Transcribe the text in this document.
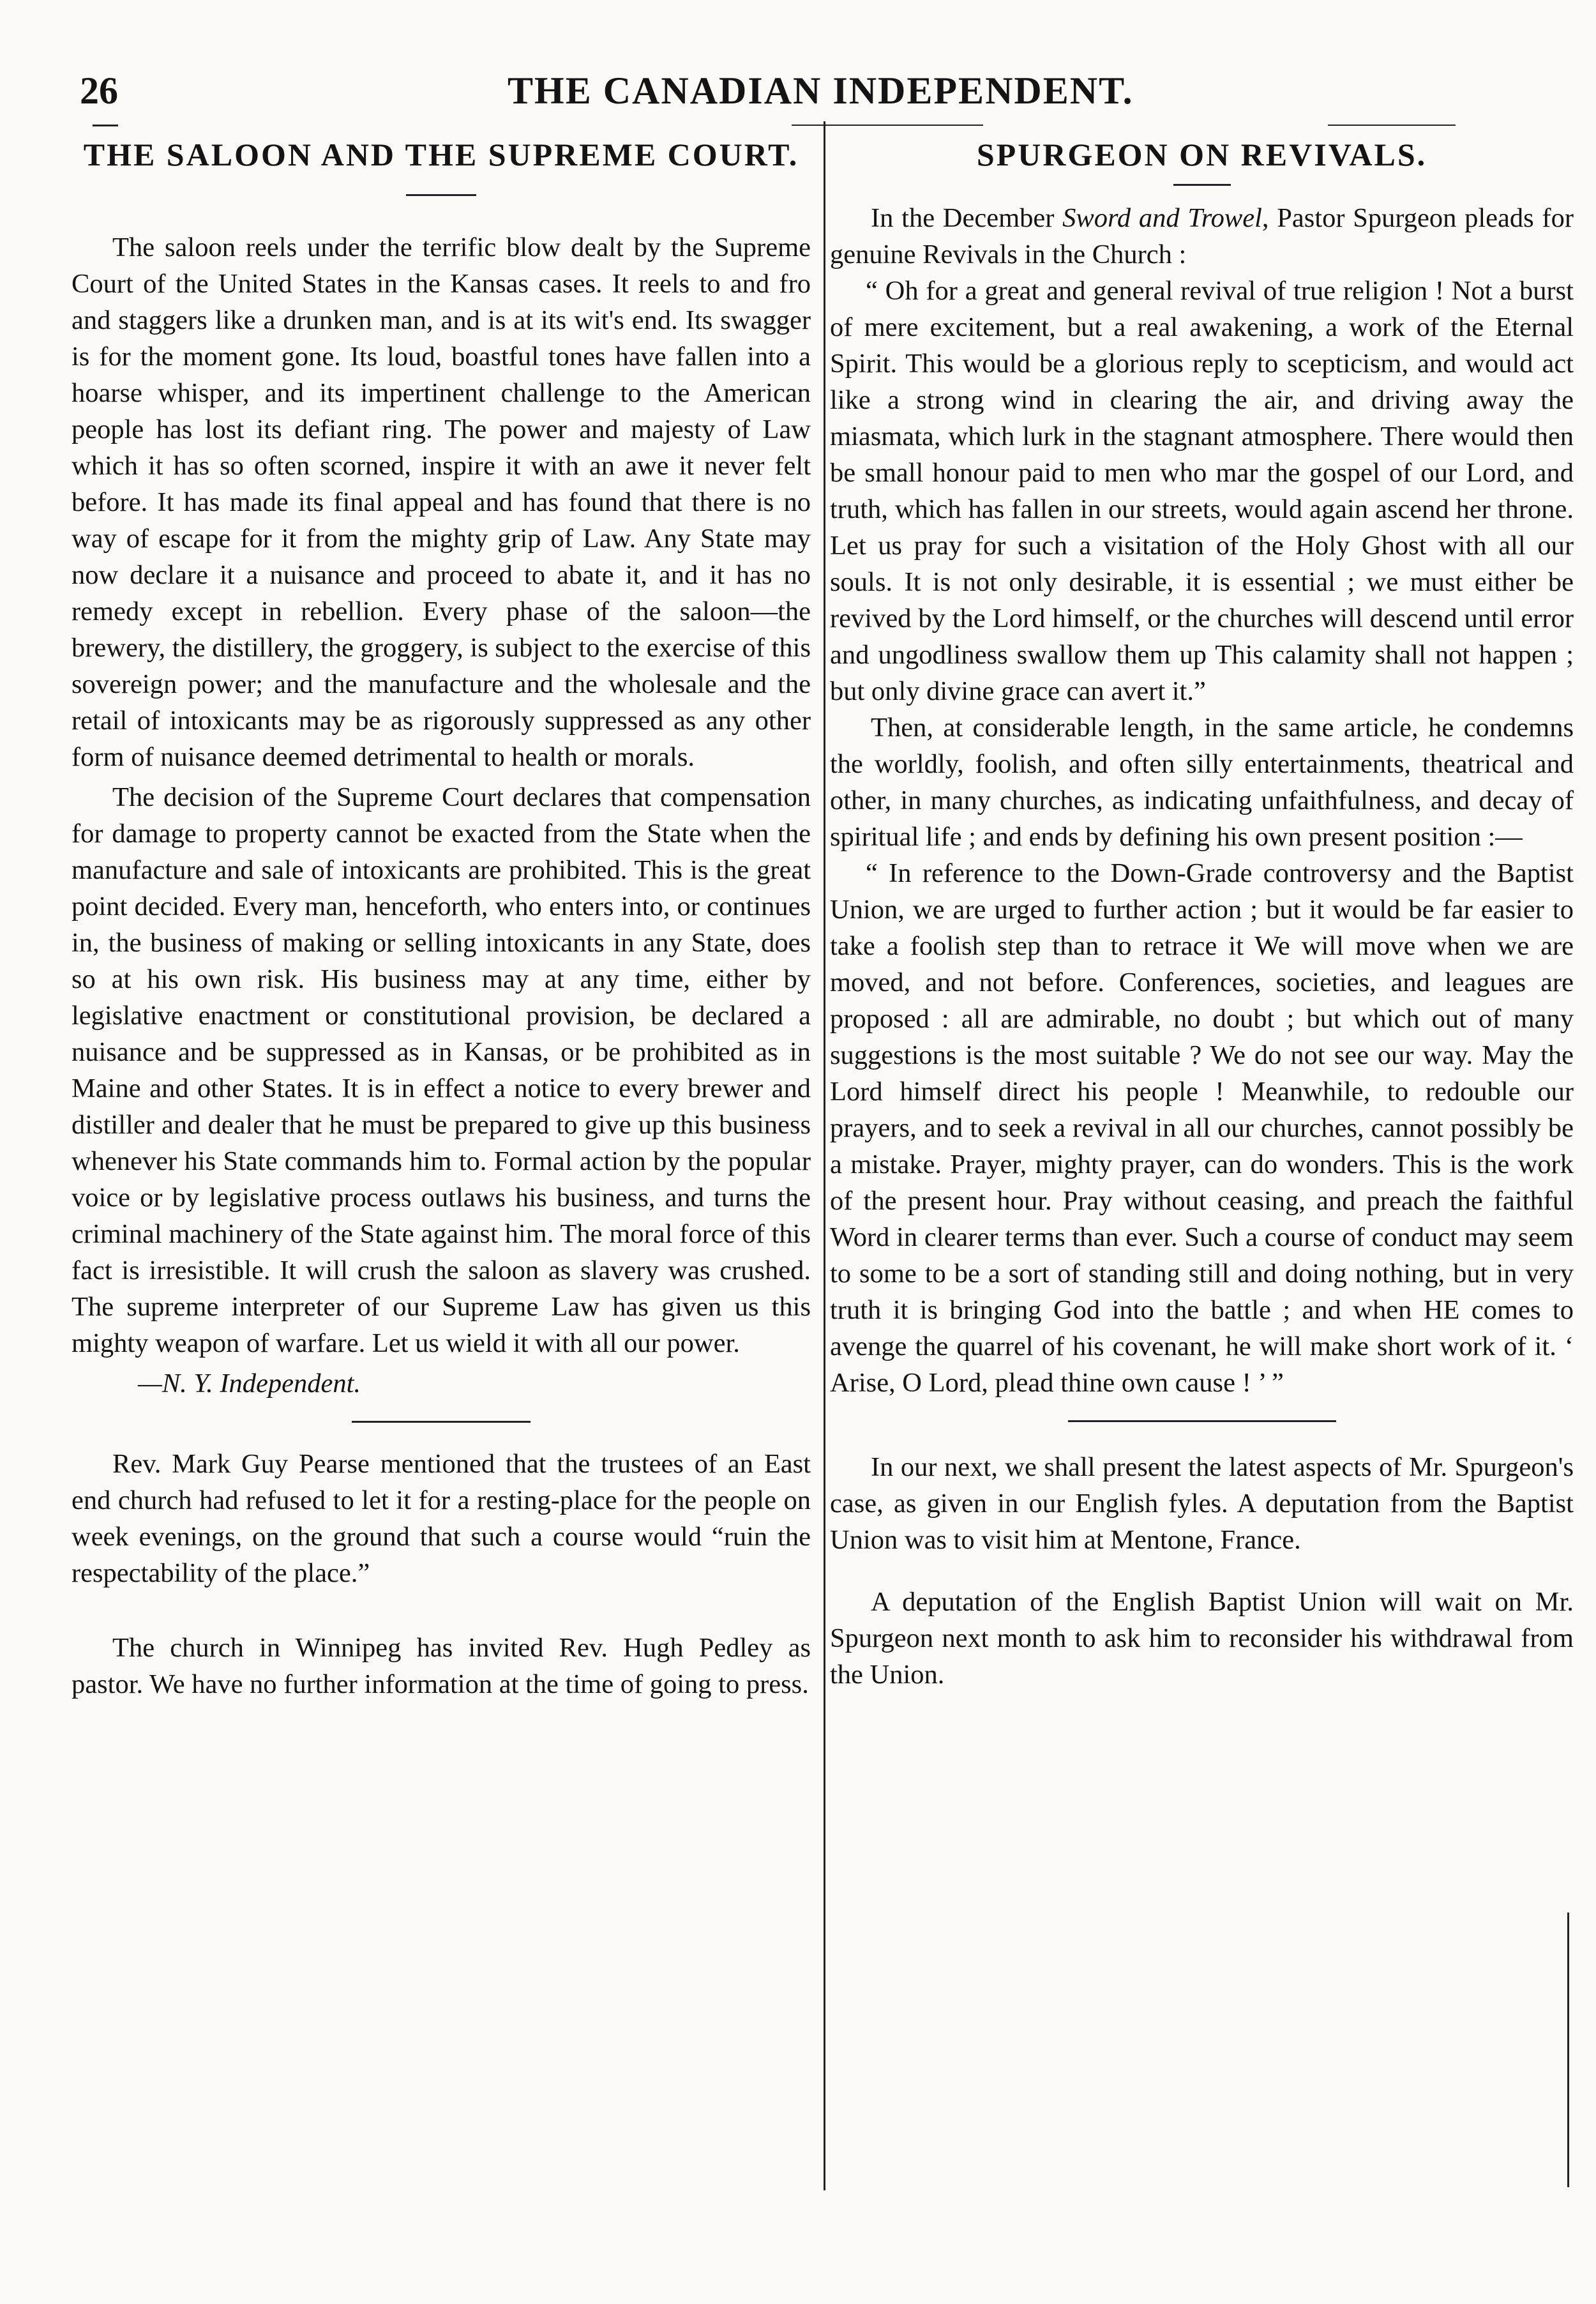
26	THE CANADIAN INDEPENDENT.
THE SALOON AND THE SUPREME COURT.

The saloon reels under the terrific blow dealt by the Supreme Court of the United States in the Kansas cases. It reels to and fro and staggers like a drunken man, and is at its wit's end. Its swagger is for the moment gone. Its loud, boastful tones have fallen into a hoarse whisper, and its impertinent challenge to the American people has lost its defiant ring. The power and majesty of Law which it has so often scorned, inspire it with an awe it never felt before. It has made its final appeal and has found that there is no way of escape for it from the mighty grip of Law. Any State may now declare it a nuisance and proceed to abate it, and it has no remedy except in rebellion. Every phase of the saloon—the brewery, the distillery, the groggery, is subject to the exercise of this sovereign power; and the manufacture and the wholesale and the retail of intoxicants may be as rigorously suppressed as any other form of nuisance deemed detrimental to health or morals.

The decision of the Supreme Court declares that compensation for damage to property cannot be exacted from the State when the manufacture and sale of intoxicants are prohibited. This is the great point decided. Every man, henceforth, who enters into, or continues in, the business of making or selling intoxicants in any State, does so at his own risk. His business may at any time, either by legislative enactment or constitutional provision, be declared a nuisance and be suppressed as in Kansas, or be prohibited as in Maine and other States. It is in effect a notice to every brewer and distiller and dealer that he must be prepared to give up this business whenever his State commands him to. Formal action by the popular voice or by legislative process outlaws his business, and turns the criminal machinery of the State against him. The moral force of this fact is irresistible. It will crush the saloon as slavery was crushed. The supreme interpreter of our Supreme Law has given us this mighty weapon of warfare. Let us wield it with all our power.

—N. Y. Independent.

Rev. Mark Guy Pearse mentioned that the trustees of an East end church had refused to let it for a resting-place for the people on week evenings, on the ground that such a course would “ruin the respectability of the place.”

The church in Winnipeg has invited Rev. Hugh Pedley as pastor. We have no further information at the time of going to press.

SPURGEON ON REVIVALS.

In the December Sword and Trowel, Pastor Spurgeon pleads for genuine Revivals in the Church :

“ Oh for a great and general revival of true religion ! Not a burst of mere excitement, but a real awakening, a work of the Eternal Spirit. This would be a glorious reply to scepticism, and would act like a strong wind in clearing the air, and driving away the miasmata, which lurk in the stagnant atmosphere. There would then be small honour paid to men who mar the gospel of our Lord, and truth, which has fallen in our streets, would again ascend her throne. Let us pray for such a visitation of the Holy Ghost with all our souls. It is not only desirable, it is essential ; we must either be revived by the Lord himself, or the churches will descend until error and ungodliness swallow them up This calamity shall not happen ; but only divine grace can avert it.”

Then, at considerable length, in the same article, he condemns the worldly, foolish, and often silly entertainments, theatrical and other, in many churches, as indicating unfaithfulness, and decay of spiritual life ; and ends by defining his own present position :—

“ In reference to the Down-Grade controversy and the Baptist Union, we are urged to further action ; but it would be far easier to take a foolish step than to retrace it We will move when we are moved, and not before. Conferences, societies, and leagues are proposed : all are admirable, no doubt ; but which out of many suggestions is the most suitable ? We do not see our way. May the Lord himself direct his people ! Meanwhile, to redouble our prayers, and to seek a revival in all our churches, cannot possibly be a mistake. Prayer, mighty prayer, can do wonders. This is the work of the present hour. Pray without ceasing, and preach the faithful Word in clearer terms than ever. Such a course of conduct may seem to some to be a sort of standing still and doing nothing, but in very truth it is bringing God into the battle ; and when HE comes to avenge the quarrel of his covenant, he will make short work of it. ‘ Arise, O Lord, plead thine own cause ! ’ ”

In our next, we shall present the latest aspects of Mr. Spurgeon's case, as given in our English fyles. A deputation from the Baptist Union was to visit him at Mentone, France.

A deputation of the English Baptist Union will wait on Mr. Spurgeon next month to ask him to reconsider his withdrawal from the Union.
